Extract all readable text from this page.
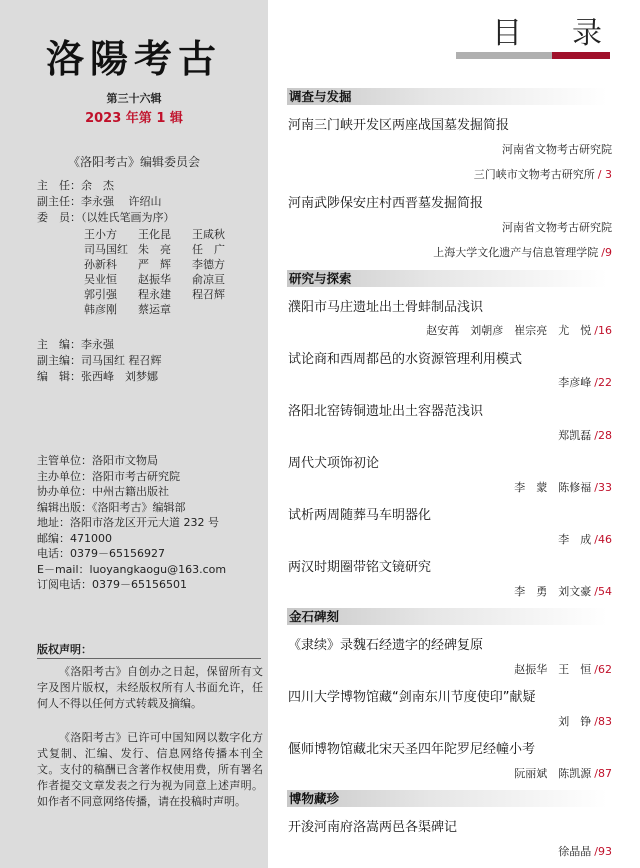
洛陽考古
第三十六辑
2023 年第 1 辑
《洛阳考古》编辑委员会
主　任：余　杰
副主任：李永强　 许绍山
委　员：（以姓氏笔画为序）
王小方	王化昆	王咸秋
司马国红 朱　亮	任　广
孙新科	严　辉	李德方
吴业恒	赵振华	俞凉亘
郭引强	程永建	程召辉
韩彦刚	蔡运章
主　编：李永强
副主编：司马国红 程召辉
编　辑：张西峰　刘梦娜
主管单位：洛阳市文物局
主办单位：洛阳市考古研究院
协办单位：中州古籍出版社
编辑出版：《洛阳考古》编辑部
地址：洛阳市洛龙区开元大道 232 号
邮编：471000
电话：0379－65156927
E－mail：luoyangkaogu@163.com
订阅电话：0379－65156501
版权声明：
《洛阳考古》自创办之日起，保留所有文字及图片版权，未经版权所有人书面允许，任何人不得以任何方式转载及摘编。
《洛阳考古》已许可中国知网以数字化方式复制、汇编、发行、信息网络传播本刊全文。支付的稿酬已含著作权使用费，所有署名作者提交文章发表之行为视为同意上述声明。如作者不同意网络传播，请在投稿时声明。
目　录
调查与发掘
河南三门峡开发区两座战国墓发掘简报
河南省文物考古研究院
三门峡市文物考古研究所 / 3
河南武陟保安庄村西晋墓发掘简报
河南省文物考古研究院
上海大学文化遗产与信息管理学院 /9
研究与探索
濮阳市马庄遗址出土骨蚌制品浅识
赵安苒　刘朝彦　崔宗亮　尤　悦 /16
试论商和西周都邑的水资源管理利用模式
李彦峰 /22
洛阳北窑铸铜遗址出土容器范浅识
郑凯磊 /28
周代犬项饰初论
李　蒙　陈修福 /33
试析两周随葬马车明器化
李　成 /46
两汉时期圈带铭文镜研究
李　勇　刘文豪 /54
金石碑刻
《隶续》录魏石经遗字的经碑复原
赵振华　王　恒 /62
四川大学博物馆藏“剑南东川节度使印”献疑
刘　铮 /83
偃师博物馆藏北宋天圣四年陀罗尼经幢小考
阮丽斌　陈凯源 /87
博物藏珍
开浚河南府洛嵩两邑各渠碑记
徐晶晶 /93
